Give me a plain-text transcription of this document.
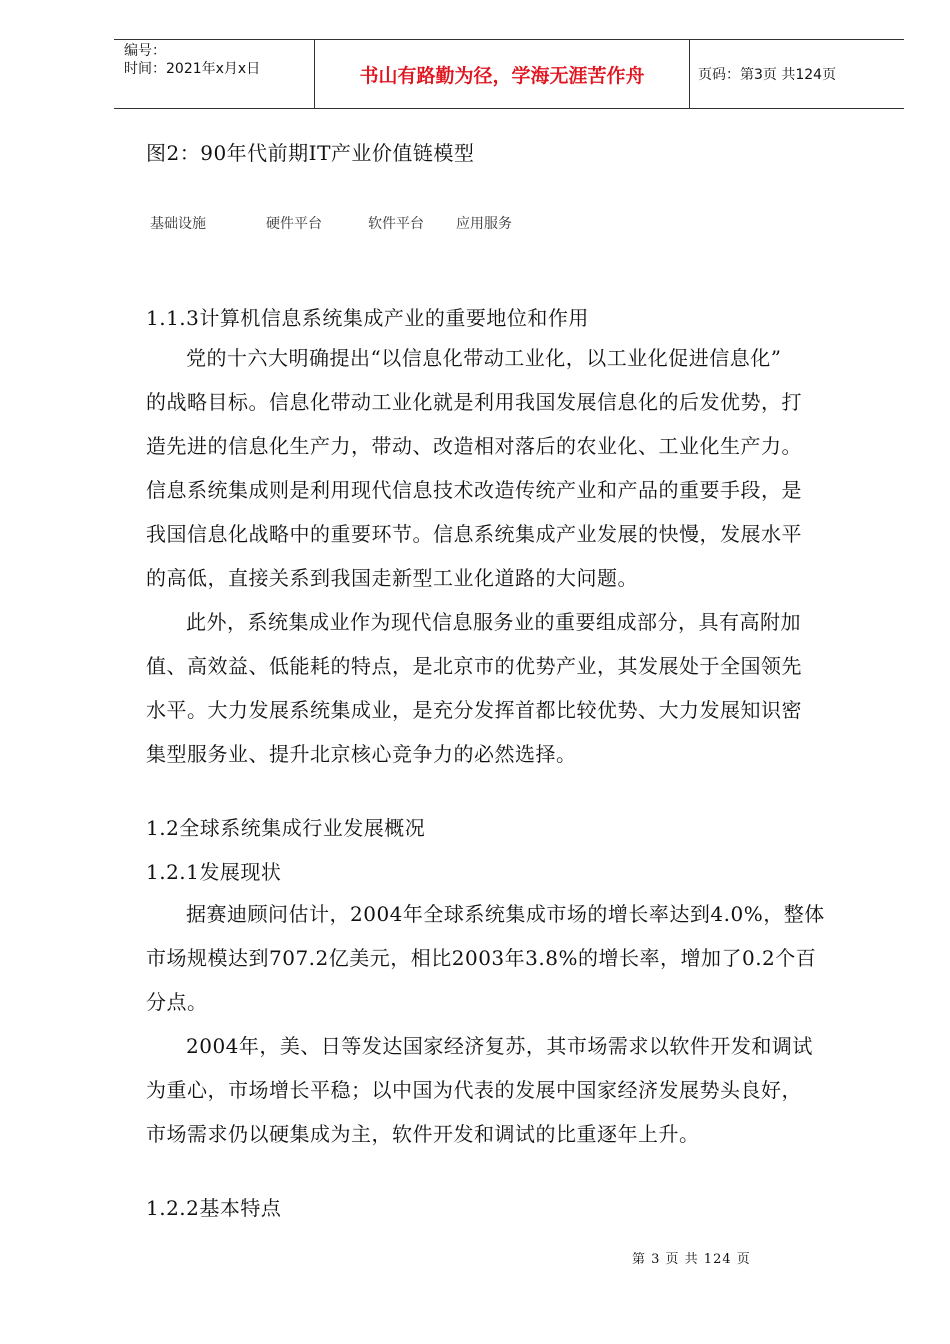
编号：
时间：2021年x月x日	书山有路勤为径，学海无涯苦作舟	页码：第3页 共124页
图2：90年代前期IT产业价值链模型
基础设施	硬件平台	软件平台 应用服务
1.1.3计算机信息系统集成产业的重要地位和作用
党的十六大明确提出“以信息化带动工业化，以工业化促进信息化”
的战略目标。信息化带动工业化就是利用我国发展信息化的后发优势，打
造先进的信息化生产力，带动、改造相对落后的农业化、工业化生产力。
信息系统集成则是利用现代信息技术改造传统产业和产品的重要手段，是
我国信息化战略中的重要环节。信息系统集成产业发展的快慢，发展水平
的高低，直接关系到我国走新型工业化道路的大问题。
此外，系统集成业作为现代信息服务业的重要组成部分，具有高附加
值、高效益、低能耗的特点，是北京市的优势产业，其发展处于全国领先
水平。大力发展系统集成业，是充分发挥首都比较优势、大力发展知识密
集型服务业、提升北京核心竞争力的必然选择。
1.2全球系统集成行业发展概况
1.2.1发展现状
据赛迪顾问估计，2004年全球系统集成市场的增长率达到4.0%，整体
市场规模达到707.2亿美元，相比2003年3.8%的增长率，增加了0.2个百
分点。
2004年，美、日等发达国家经济复苏，其市场需求以软件开发和调试
为重心，市场增长平稳；以中国为代表的发展中国家经济发展势头良好，
市场需求仍以硬集成为主，软件开发和调试的比重逐年上升。
1.2.2基本特点
第 3 页 共 124 页
